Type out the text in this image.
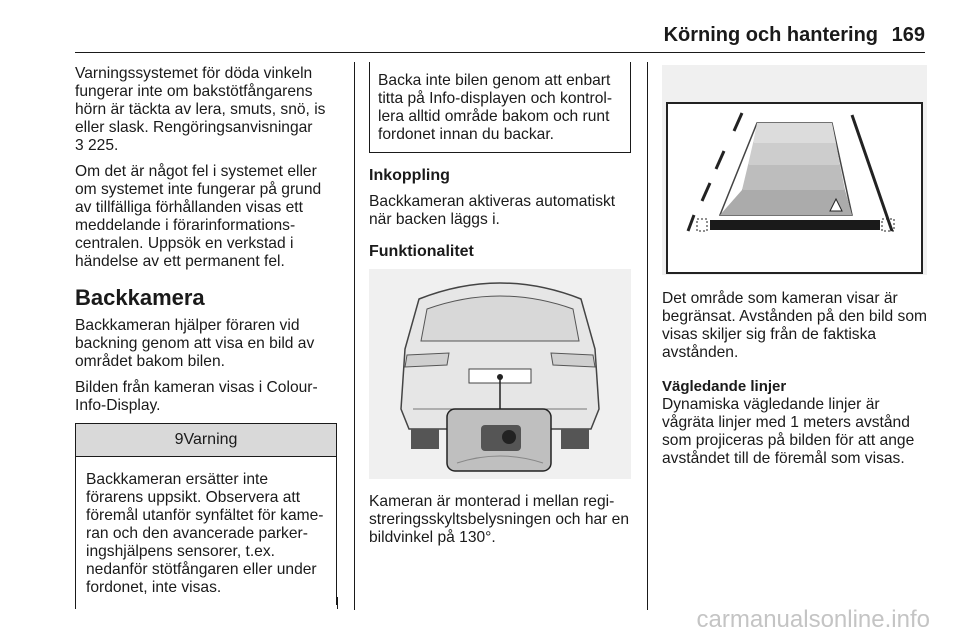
Körning och hantering 169

Varningssystemet för döda vinkeln fungerar inte om bakstötfångarens hörn är täckta av lera, smuts, snö, is eller slask. Rengöringsanvisningar
3 225.

Om det är något fel i systemet eller om systemet inte fungerar på grund av tillfälliga förhållanden visas ett meddelande i förarinformations-centralen. Uppsök en verkstad i händelse av ett permanent fel.

Backkamera

Backkameran hjälper föraren vid backning genom att visa en bild av området bakom bilen.

Bilden från kameran visas i Colour-Info-Display.

9Varning

Backkameran ersätter inte förarens uppsikt. Observera att föremål utanför synfältet för kame-ran och den avancerade parker-ingshjälpens sensorer, t.ex. nedanför stötfångaren eller under fordonet, inte visas.

Backa inte bilen genom att enbart titta på Info-displayen och kontrol-lera alltid område bakom och runt fordonet innan du backar.

Inkoppling

Backkameran aktiveras automatiskt när backen läggs i.

Funktionalitet

Kameran är monterad i mellan regi-streringsskyltsbelysningen och har en bildvinkel på 130°.

Det område som kameran visar är begränsat. Avstånden på den bild som visas skiljer sig från de faktiska avstånden.

Vägledande linjer

Dynamiska vägledande linjer är vågräta linjer med 1 meters avstånd som projiceras på bilden för att ange avståndet till de föremål som visas.

carmanualsonline.info
